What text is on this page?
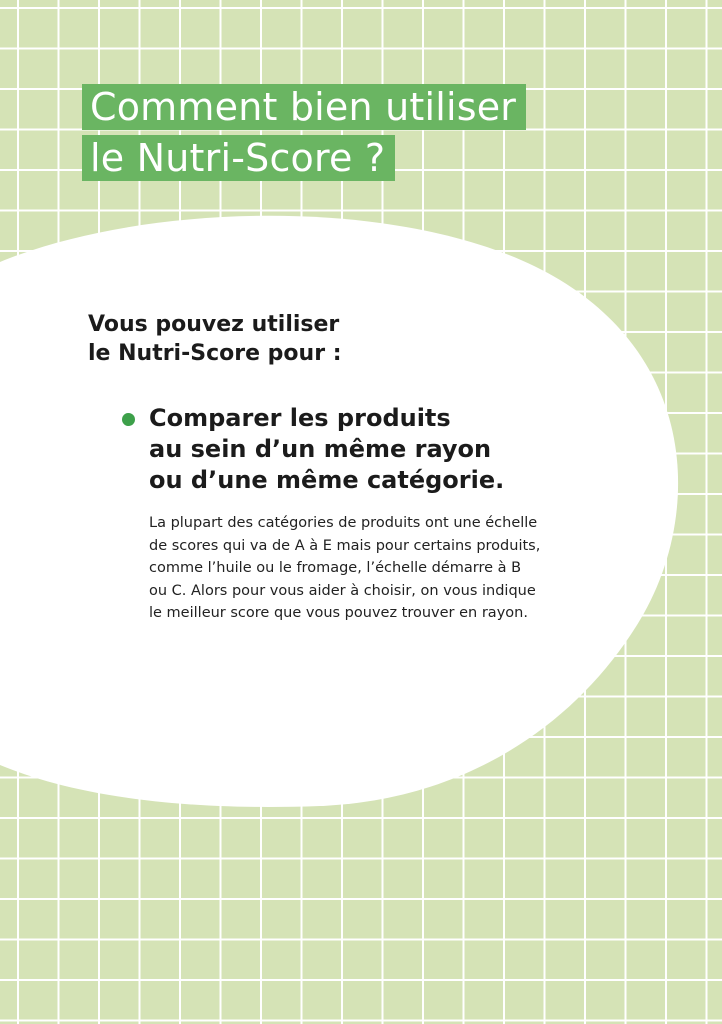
Comment bien utiliser
le Nutri-Score ?
Vous pouvez utiliser
le Nutri-Score pour :
Comparer les produits
au sein d’un même rayon
ou d’une même catégorie.

La plupart des catégories de produits ont une échelle
de scores qui va de A à E mais pour certains produits,
comme l’huile ou le fromage, l’échelle démarre à B
ou C. Alors pour vous aider à choisir, on vous indique
le meilleur score que vous pouvez trouver en rayon.
